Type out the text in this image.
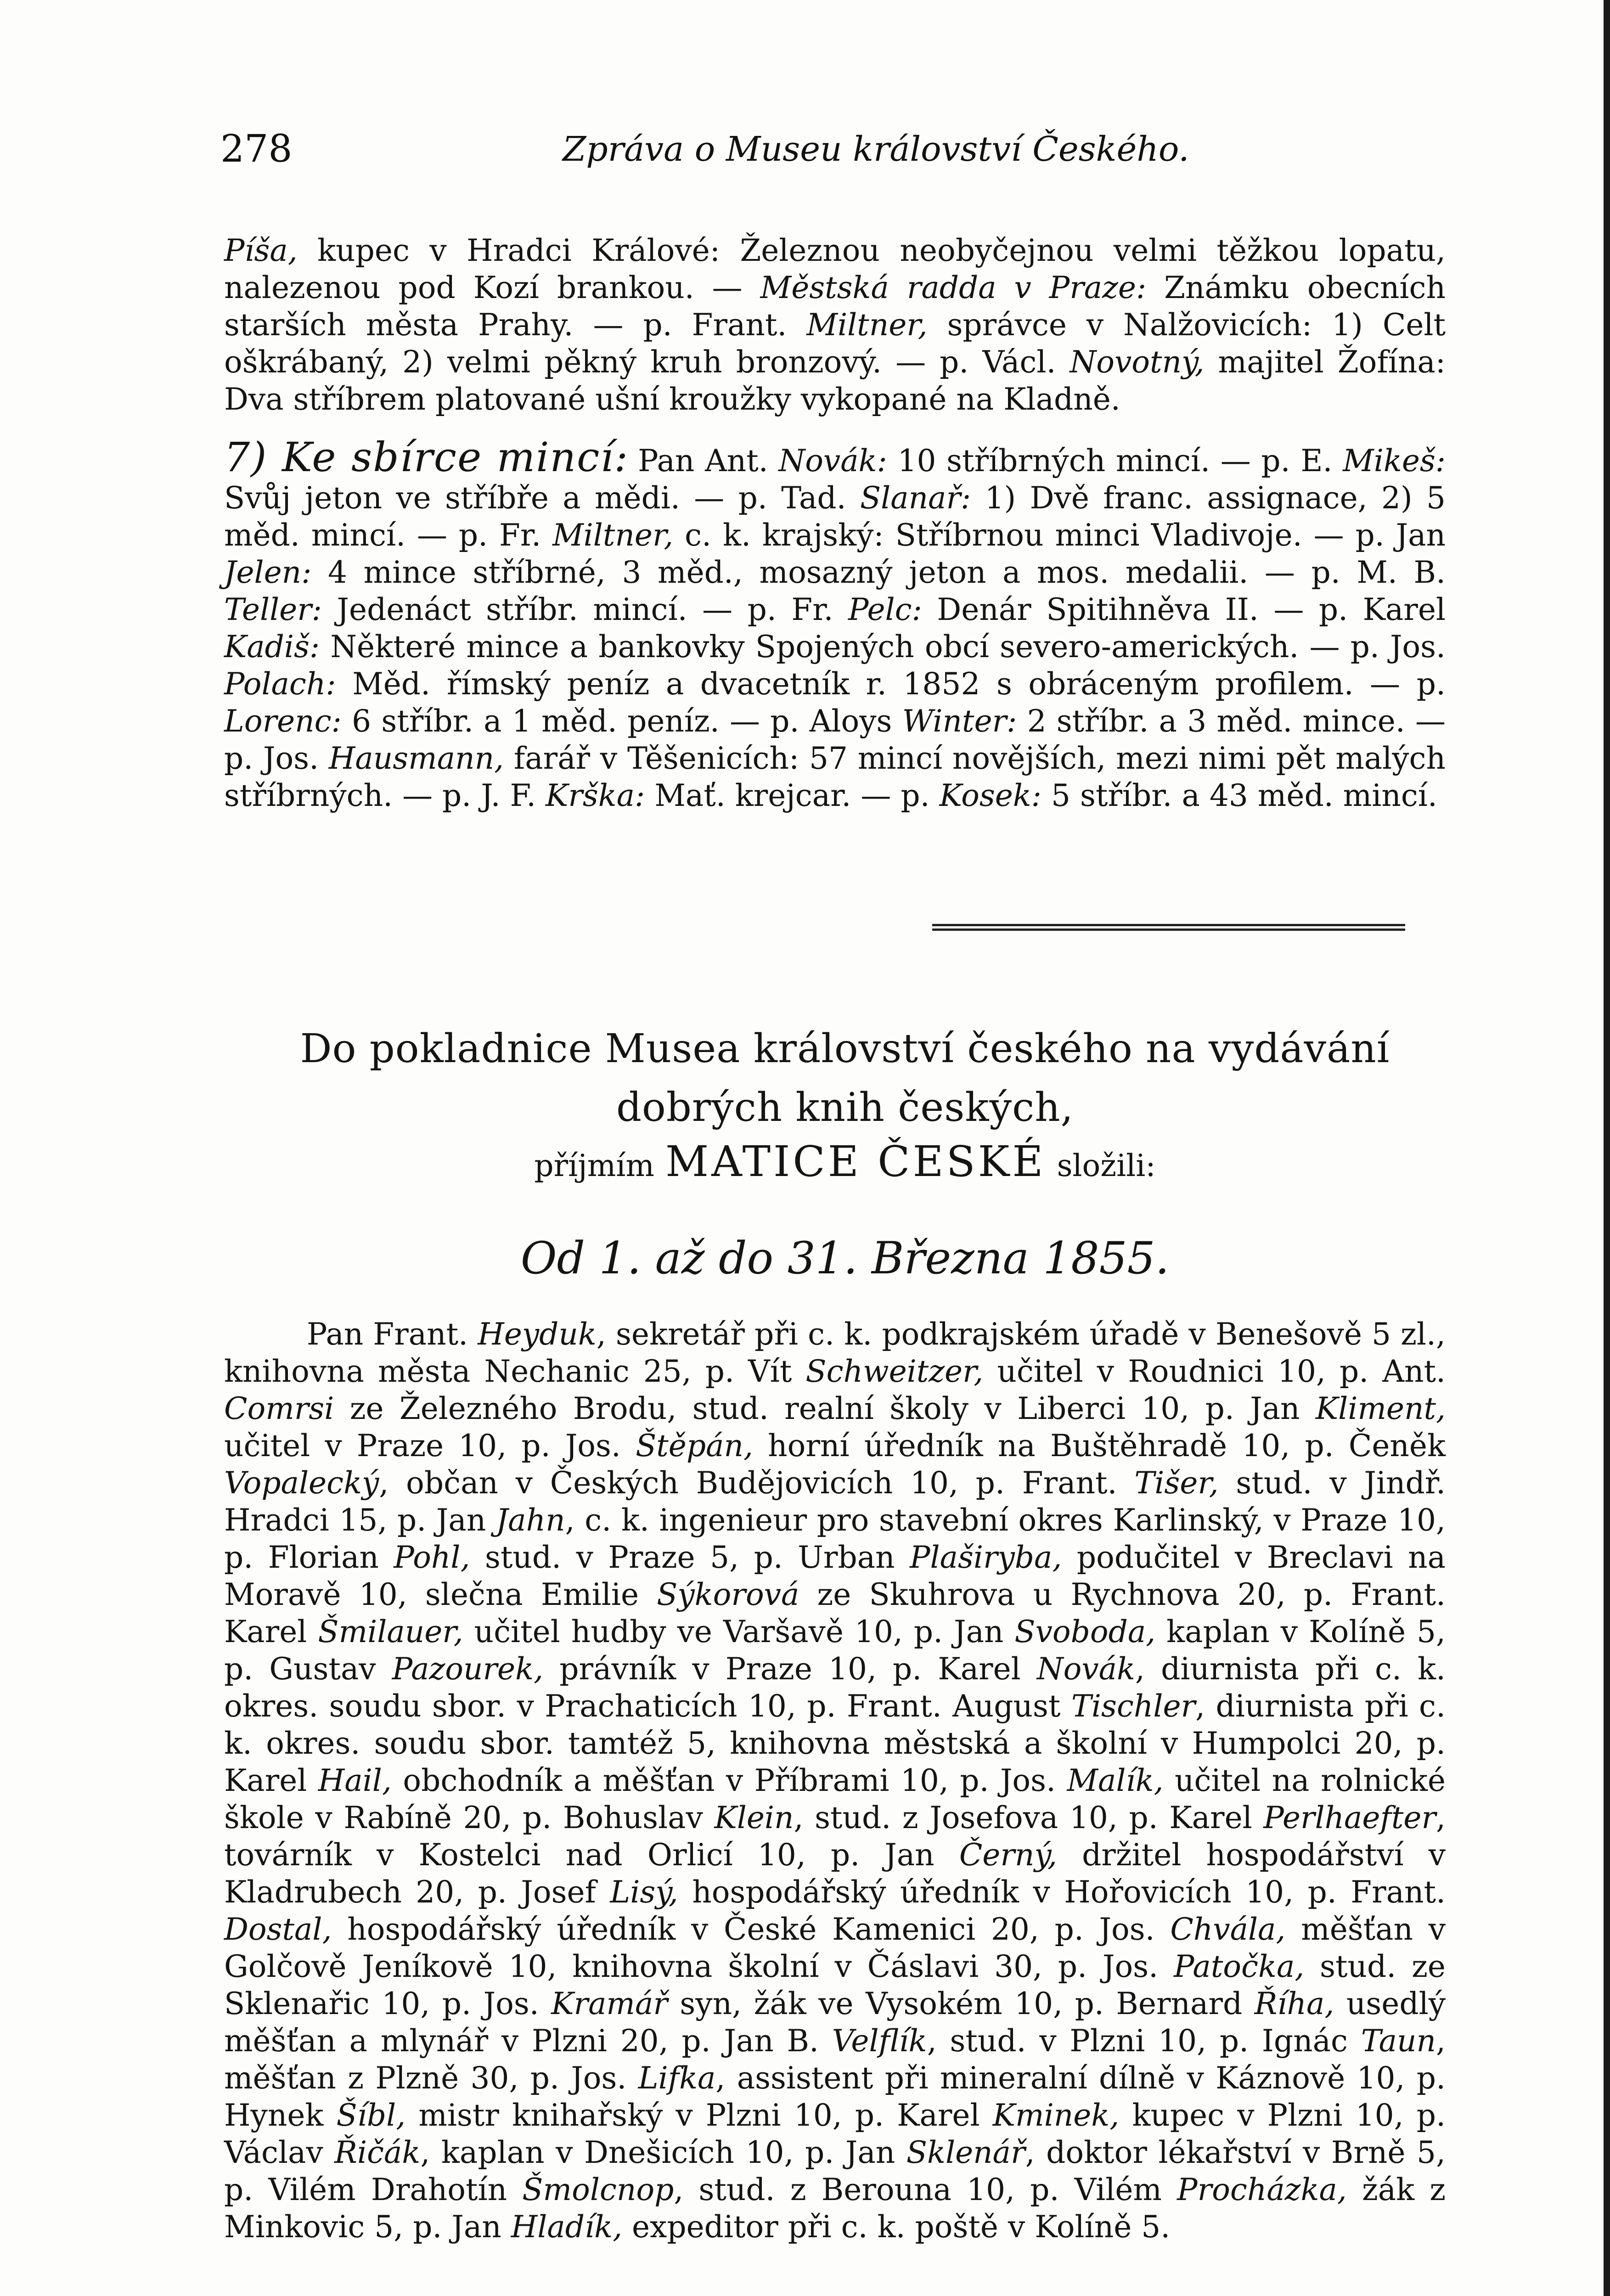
278	Zpráva o Museu království Českého.

Píša, kupec v Hradci Králové: Železnou neobyčejnou velmi těžkou lopatu, nalezenou pod Kozí brankou. — Městská radda v Praze: Známku obecních starších města Prahy. — p. Frant. Miltner, správce v Nalžovicích: 1) Celt oškrábaný, 2) velmi pěkný kruh bronzový. — p. Václ. Novotný, majitel Žofína: Dva stříbrem platované ušní kroužky vykopané na Kladně.

7) Ke sbírce mincí: Pan Ant. Novák: 10 stříbrných mincí. — p. E. Mikeš: Svůj jeton ve stříbře a mědi. — p. Tad. Slanař: 1) Dvě franc. assignace, 2) 5 měd. mincí. — p. Fr. Miltner, c. k. krajský: Stříbrnou minci Vladivoje. — p. Jan Jelen: 4 mince stříbrné, 3 měd., mosazný jeton a mos. medalii. — p. M. B. Teller: Jedenáct stříbr. mincí. — p. Fr. Pelc: Denár Spitihněva II. — p. Karel Kadiš: Některé mince a bankovky Spojených obcí severo-amerických. — p. Jos. Polach: Měd. římský peníz a dvacetník r. 1852 s obráceným profilem. — p. Lorenc: 6 stříbr. a 1 měd. peníz. — p. Aloys Winter: 2 stříbr. a 3 měd. mince. — p. Jos. Hausmann, farář v Těšenicích: 57 mincí novějších, mezi nimi pět malých stříbrných. — p. J. F. Krška: Mať. krejcar. — p. Kosek: 5 stříbr. a 43 měd. mincí.

Do pokladnice Musea království českého na vydávání dobrých knih českých,
příjmím MATICE ČESKÉ složili:
Od 1. až do 31. Března 1855.

Pan Frant. Heyduk, sekretář při c. k. podkrajském úřadě v Benešově 5 zl., knihovna města Nechanic 25, p. Vít Schweitzer, učitel v Roudnici 10, p. Ant. Comrsi ze Železného Brodu, stud. realní školy v Liberci 10, p. Jan Kliment, učitel v Praze 10, p. Jos. Štěpán, horní úředník na Buštěhradě 10, p. Čeněk Vopalecký, občan v Českých Budějovicích 10, p. Frant. Tišer, stud. v Jindř. Hradci 15, p. Jan Jahn, c. k. ingenieur pro stavební okres Karlinský, v Praze 10, p. Florian Pohl, stud. v Praze 5, p. Urban Plaširyba, podučitel v Breclavi na Moravě 10, slečna Emilie Sýkorová ze Skuhrova u Rychnova 20, p. Frant. Karel Šmilauer, učitel hudby ve Varšavě 10, p. Jan Svoboda, kaplan v Kolíně 5, p. Gustav Pazourek, právník v Praze 10, p. Karel Novák, diurnista při c. k. okres. soudu sbor. v Prachaticích 10, p. Frant. August Tischler, diurnista při c. k. okres. soudu sbor. tamtéž 5, knihovna městská a školní v Humpolci 20, p. Karel Hail, obchodník a měšťan v Příbrami 10, p. Jos. Malík, učitel na rolnické škole v Rabíně 20, p. Bohuslav Klein, stud. z Josefova 10, p. Karel Perlhaefter, továrník v Kostelci nad Orlicí 10, p. Jan Černý, držitel hospodářství v Kladrubech 20, p. Josef Lisý, hospodářský úředník v Hořovicích 10, p. Frant. Dostal, hospodářský úředník v České Kamenici 20, p. Jos. Chvála, měšťan v Golčově Jeníkově 10, knihovna školní v Čáslavi 30, p. Jos. Patočka, stud. ze Sklenařic 10, p. Jos. Kramář syn, žák ve Vysokém 10, p. Bernard Říha, usedlý měšťan a mlynář v Plzni 20, p. Jan B. Velflík, stud. v Plzni 10, p. Ignác Taun, měšťan z Plzně 30, p. Jos. Lifka, assistent při mineralní dílně v Káznově 10, p. Hynek Šíbl, mistr knihařský v Plzni 10, p. Karel Kminek, kupec v Plzni 10, p. Václav Řičák, kaplan v Dnešicích 10, p. Jan Sklenář, doktor lékařství v Brně 5, p. Vilém Drahotín Šmolcnop, stud. z Berouna 10, p. Vilém Procházka, žák z Minkovic 5, p. Jan Hladík, expeditor při c. k. poště v Kolíně 5.
